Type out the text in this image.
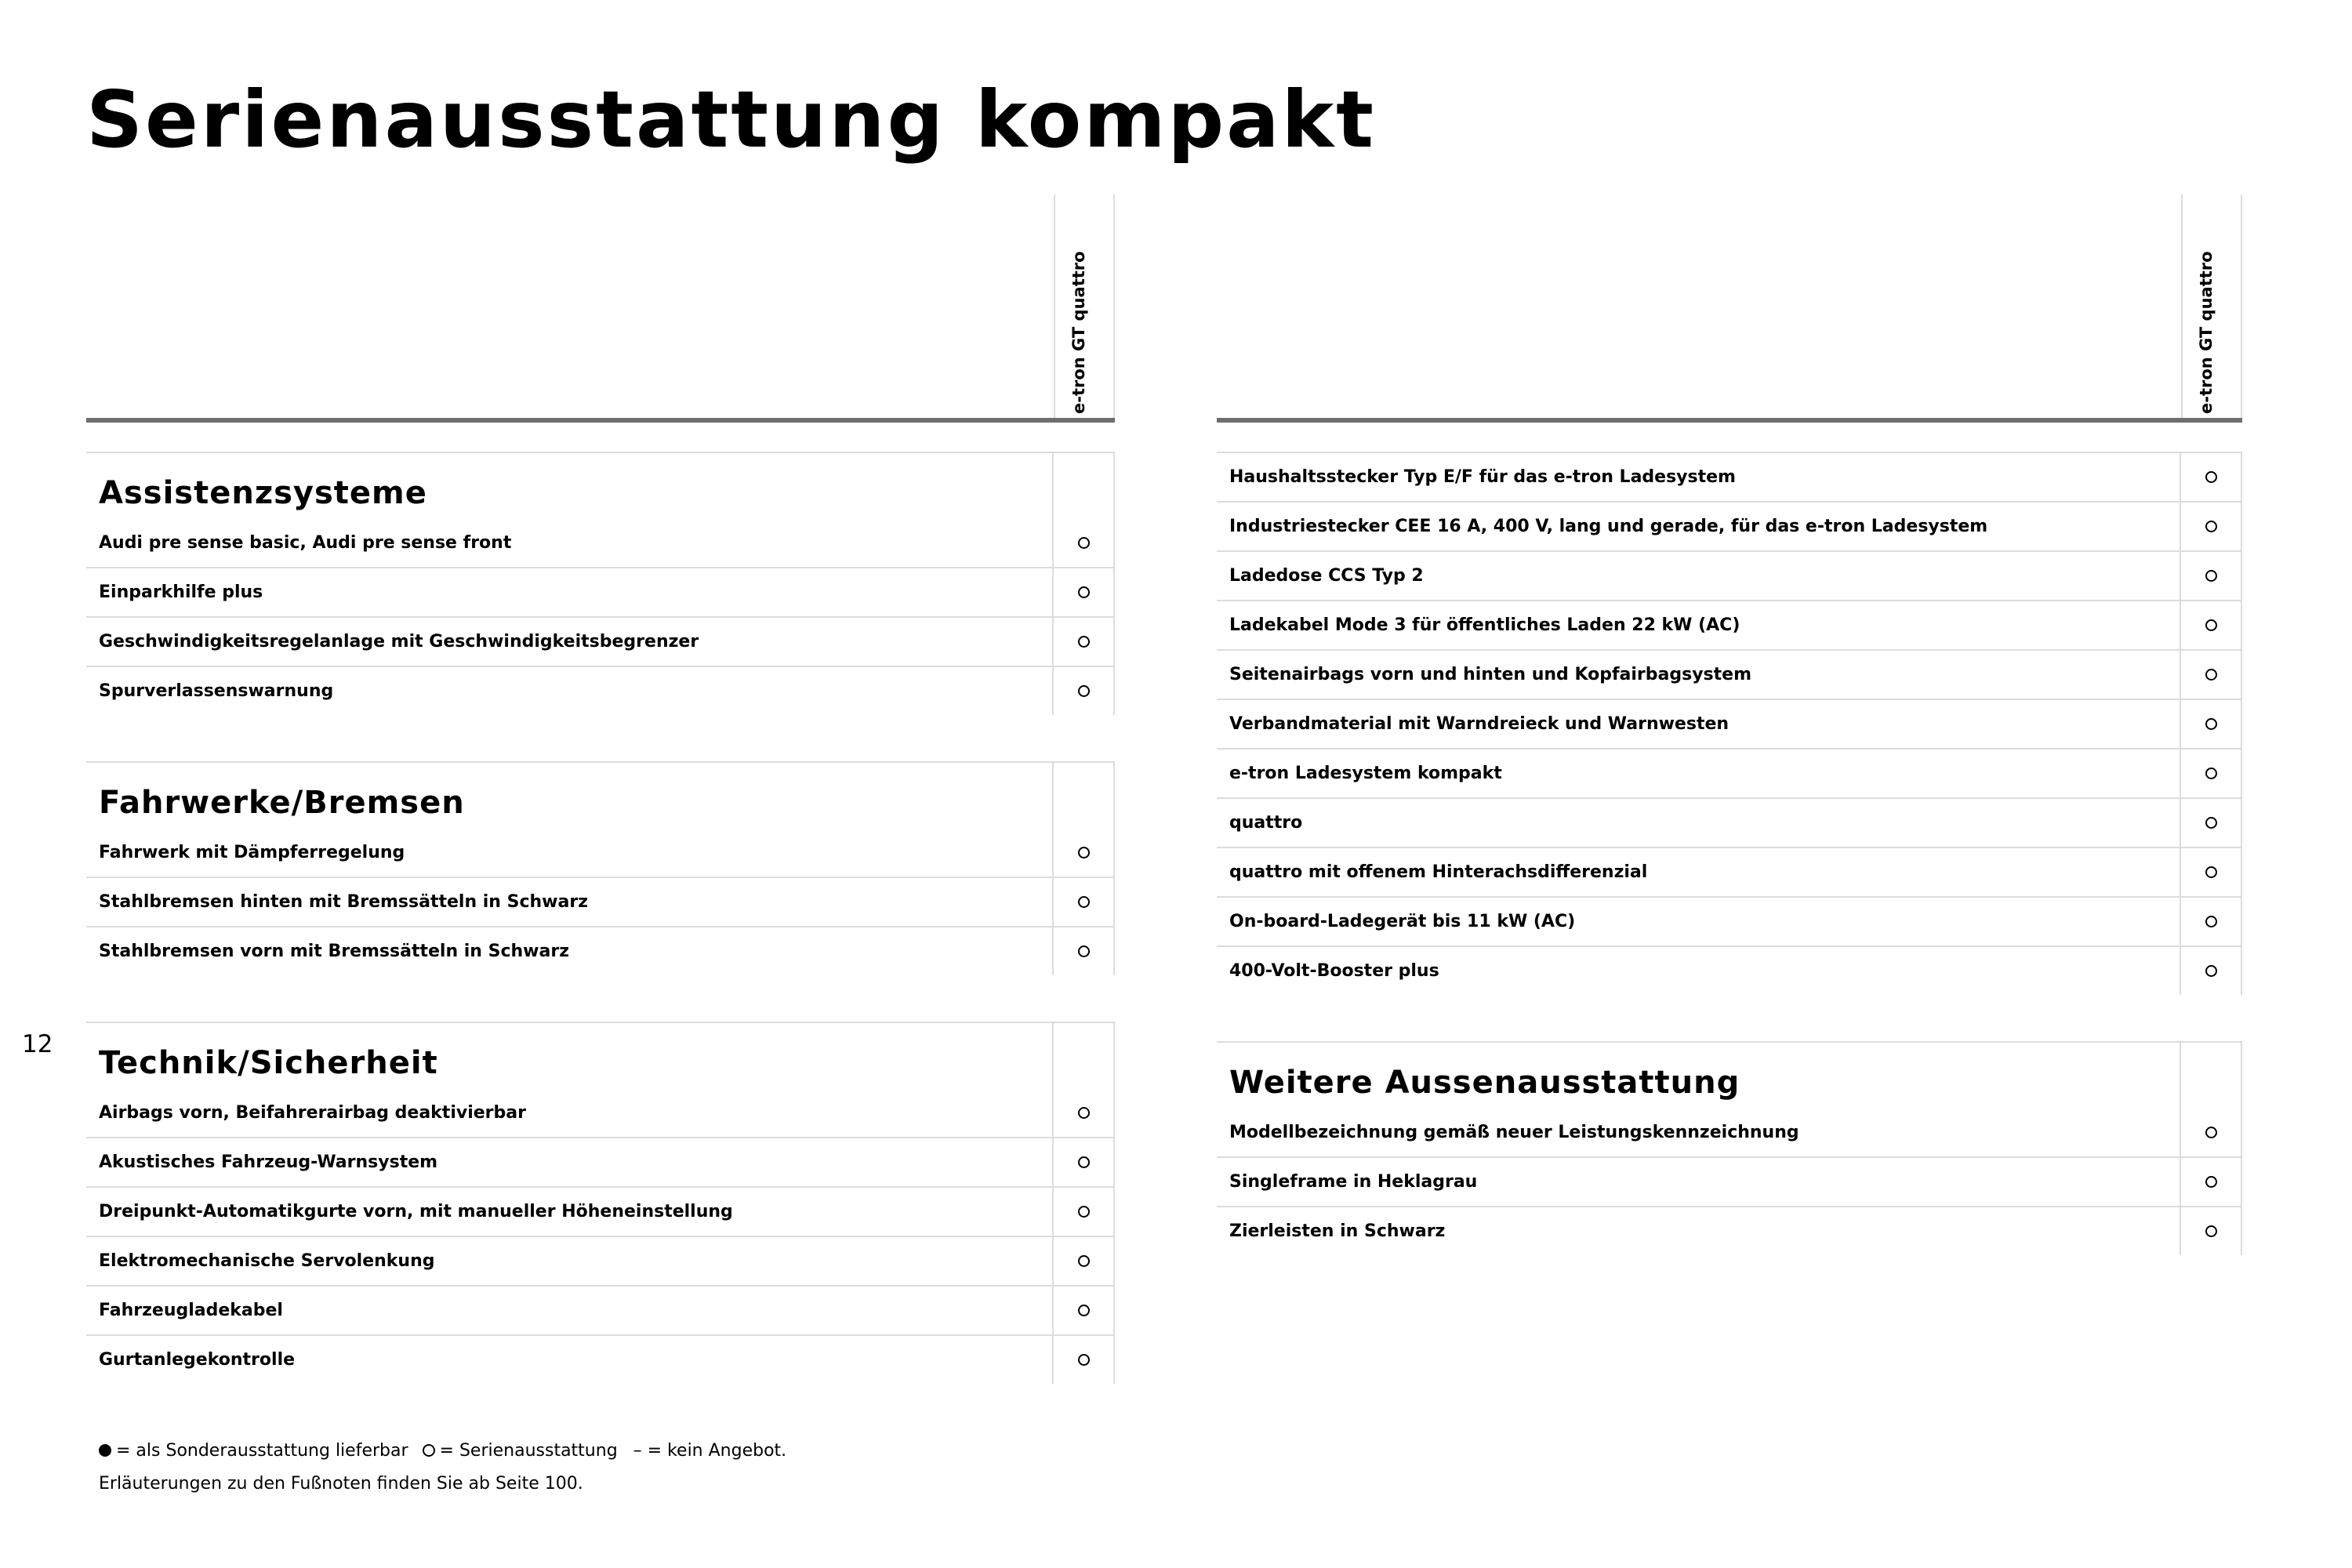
Serienausstattung kompakt
e-tron GT quattro
Assistenzsysteme
Audi pre sense basic, Audi pre sense front
Einparkhilfe plus
Geschwindigkeitsregelanlage mit Geschwindigkeitsbegrenzer
Spurverlassenswarnung
Fahrwerke/Bremsen
Fahrwerk mit Dämpferregelung
Stahlbremsen hinten mit Bremssätteln in Schwarz
Stahlbremsen vorn mit Bremssätteln in Schwarz
Technik/Sicherheit
Airbags vorn, Beifahrerairbag deaktivierbar
Akustisches Fahrzeug-Warnsystem
Dreipunkt-Automatikgurte vorn, mit manueller Höheneinstellung
Elektromechanische Servolenkung
Fahrzeugladekabel
Gurtanlegekontrolle
e-tron GT quattro
Haushaltsstecker Typ E/F für das e-tron Ladesystem
Industriestecker CEE 16 A, 400 V, lang und gerade, für das e-tron Ladesystem
Ladedose CCS Typ 2
Ladekabel Mode 3 für öffentliches Laden 22 kW (AC)
Seitenairbags vorn und hinten und Kopfairbagsystem
Verbandmaterial mit Warndreieck und Warnwesten
e-tron Ladesystem kompakt
quattro
quattro mit offenem Hinterachsdifferenzial
On-board-Ladegerät bis 11 kW (AC)
400-Volt-Booster plus
Weitere Aussenausstattung
Modellbezeichnung gemäß neuer Leistungskennzeichnung
Singleframe in Heklagrau
Zierleisten in Schwarz
12
= als Sonderausstattung lieferbar = Serienausstattung – = kein Angebot.
Erläuterungen zu den Fußnoten finden Sie ab Seite 100.
